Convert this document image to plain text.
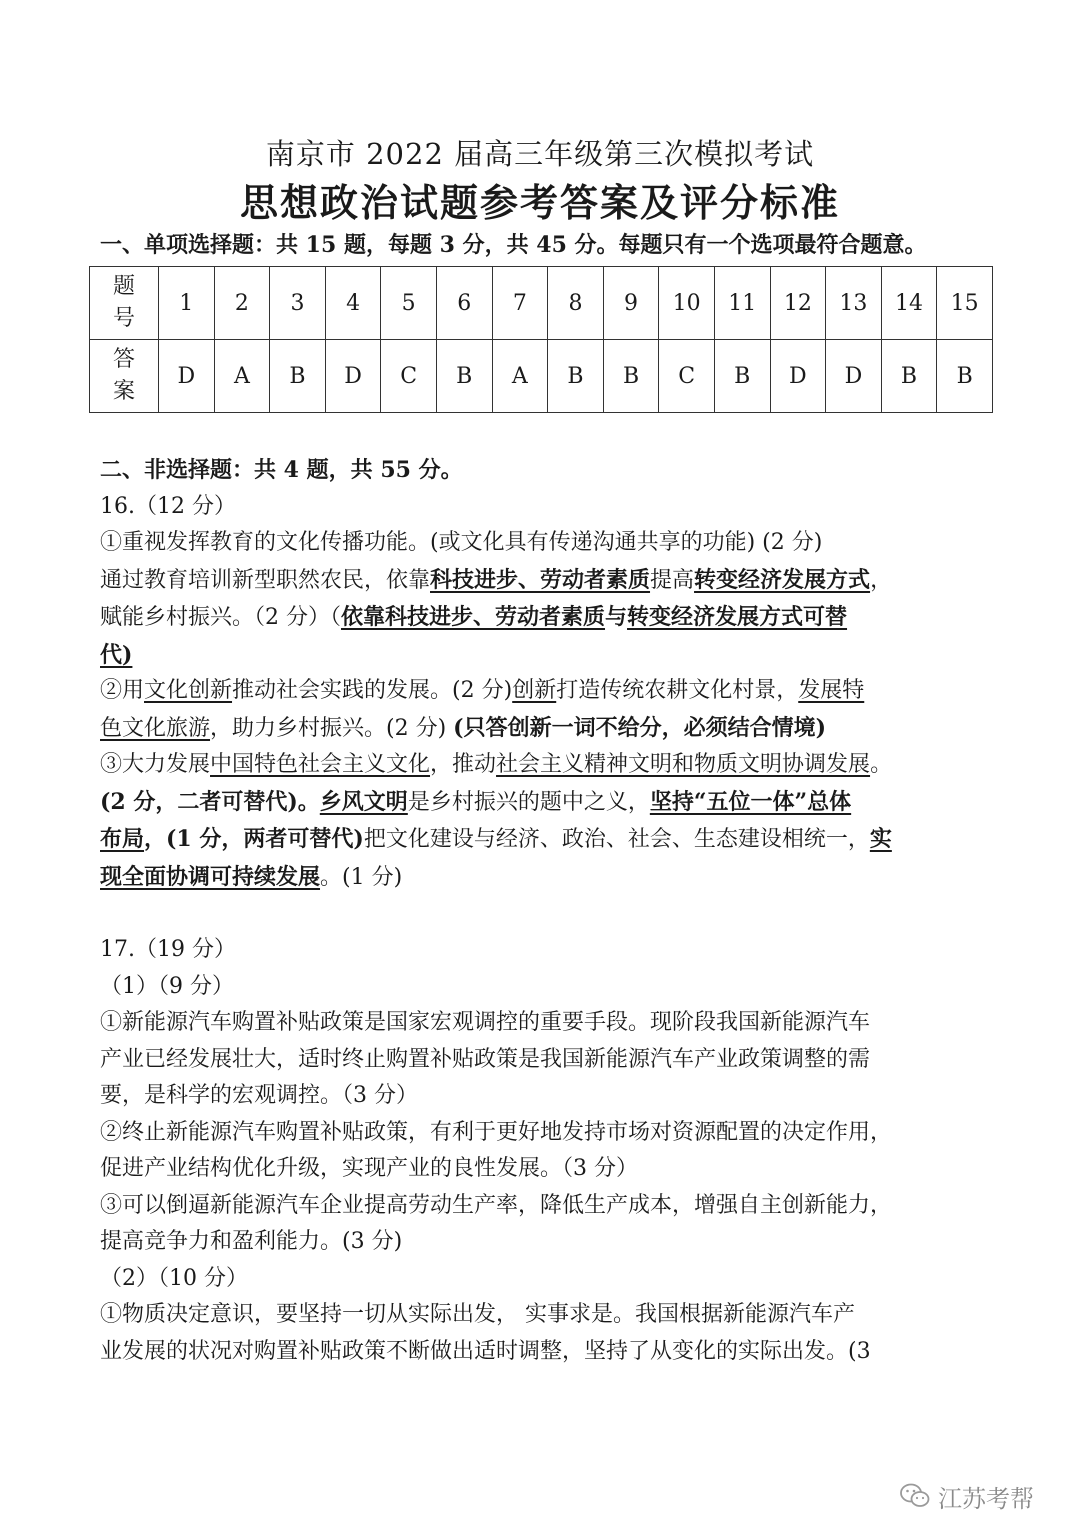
南京市 2022 届高三年级第三次模拟考试
思想政治试题参考答案及评分标准
一、单项选择题：共 15 题，每题 3 分，共 45 分。每题只有一个选项最符合题意。
题
号	1	2	3	4	5	6	7	8	9	10	11	12	13	14	15
答
案	D	A	B	D	C	B	A	B	B	C	B	D	D	B	B

二、非选择题：共 4 题，共 55 分。

16.（12 分）

①重视发挥教育的文化传播功能。(或文化具有传递沟通共享的功能) (2 分)

通过教育培训新型职然农民，依靠科技进步、劳动者素质提高转变经济发展方式，

赋能乡村振兴。（2 分）（依靠科技进步、劳动者素质与转变经济发展方式可替

代)

②用文化创新推动社会实践的发展。(2 分)创新打造传统农耕文化村景，发展特

色文化旅游，助力乡村振兴。(2 分) (只答创新一词不给分，必须结合情境)

③大力发展中国特色社会主义文化，推动社会主义精神文明和物质文明协调发展。

(2 分，二者可替代)。乡风文明是乡村振兴的题中之义，坚持“五位一体”总体

布局，(1 分，两者可替代)把文化建设与经济、政治、社会、生态建设相统一，实

现全面协调可持续发展。(1 分)

17.（19 分）

（1）（9 分）

①新能源汽车购置补贴政策是国家宏观调控的重要手段。现阶段我国新能源汽车

产业已经发展壮大，适时终止购置补贴政策是我国新能源汽车产业政策调整的需

要，是科学的宏观调控。（3 分）

②终止新能源汽车购置补贴政策，有利于更好地发持市场对资源配置的决定作用，

促进产业结构优化升级，实现产业的良性发展。（3 分）

③可以倒逼新能源汽车企业提高劳动生产率，降低生产成本，增强自主创新能力，

提高竞争力和盈利能力。(3 分)

（2）（10 分）

①物质决定意识，要坚持一切从实际出发， 实事求是。我国根据新能源汽车产

业发展的状况对购置补贴政策不断做出适时调整，坚持了从变化的实际出发。(3

江苏考帮
